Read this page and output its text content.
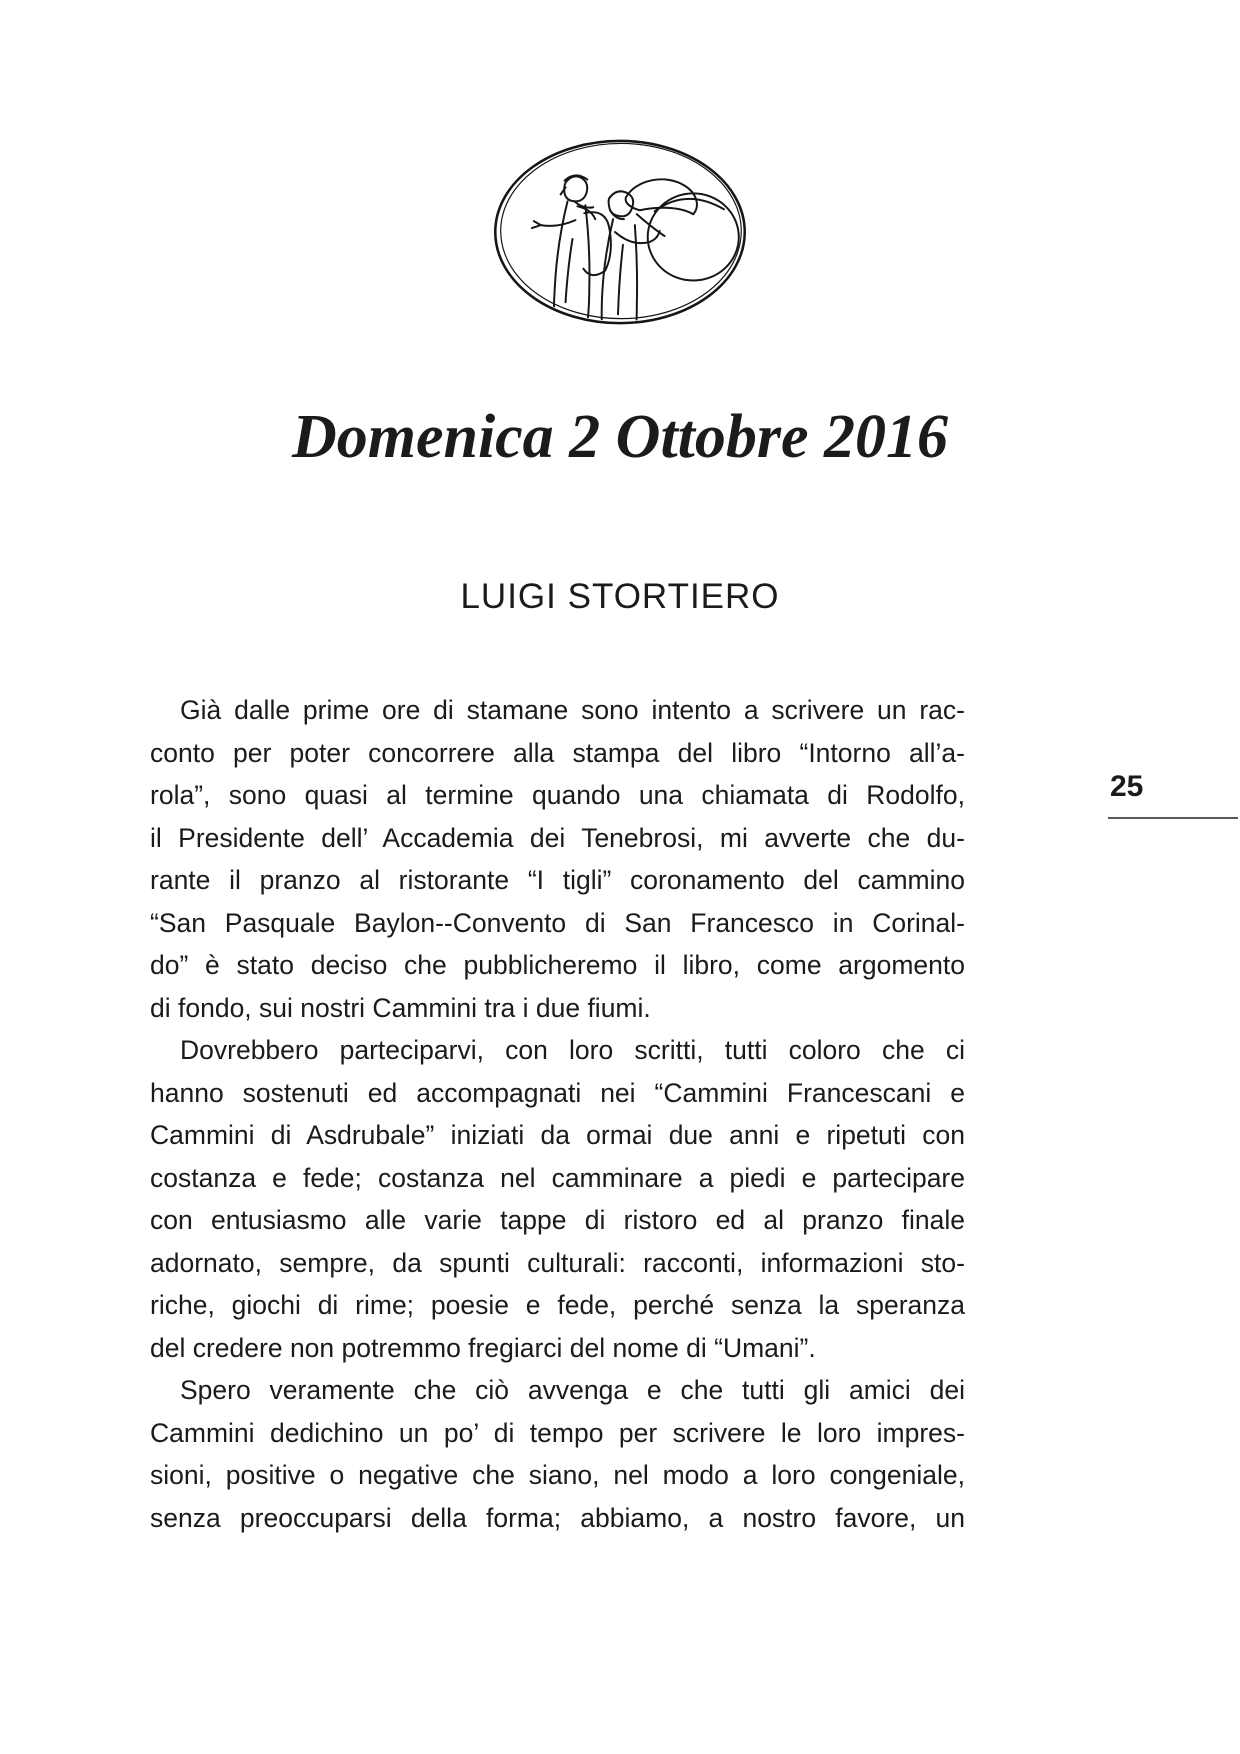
Domenica 2 Ottobre 2016
LUIGI STORTIERO
Già dalle prime ore di stamane sono intento a scrivere un rac-
conto per poter concorrere alla stampa del libro “Intorno all’a-
rola”, sono quasi al termine quando una chiamata di Rodolfo,
il Presidente dell’ Accademia dei Tenebrosi, mi avverte che du-
rante il pranzo al ristorante “I tigli” coronamento del cammino
“San Pasquale Baylon--Convento di San Francesco in Corinal-
do” è stato deciso che pubblicheremo il libro, come argomento
di fondo, sui nostri Cammini tra i due fiumi.
Dovrebbero parteciparvi, con loro scritti, tutti coloro che ci
hanno sostenuti ed accompagnati nei “Cammini Francescani e
Cammini di Asdrubale” iniziati da ormai due anni e ripetuti con
costanza e fede; costanza nel camminare a piedi e partecipare
con entusiasmo alle varie tappe di ristoro ed al pranzo finale
adornato, sempre, da spunti culturali: racconti, informazioni sto-
riche, giochi di rime; poesie e fede, perché senza la speranza
del credere non potremmo fregiarci del nome di “Umani”.
Spero veramente che ciò avvenga e che tutti gli amici dei
Cammini dedichino un po’ di tempo per scrivere le loro impres-
sioni, positive o negative che siano, nel modo a loro congeniale,
senza preoccuparsi della forma; abbiamo, a nostro favore, un
25
